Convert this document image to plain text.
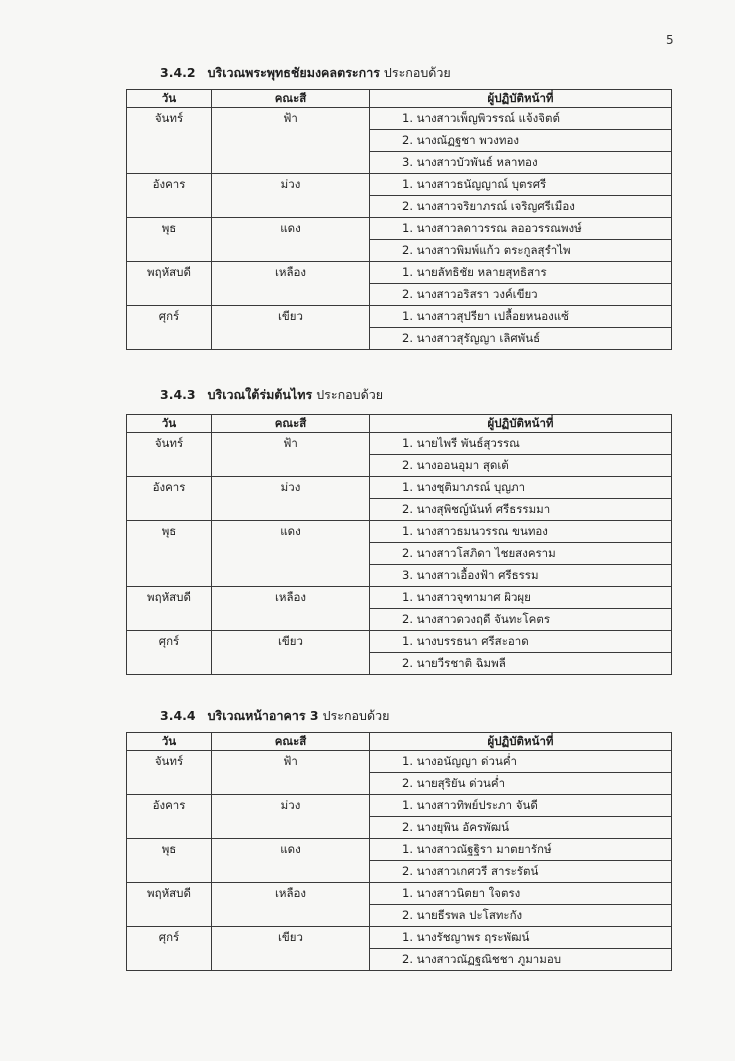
5
3.4.2 บริเวณพระพุทธชัยมงคลตระการ ประกอบด้วย
วัน	คณะสี	ผู้ปฏิบัติหน้าที่
จันทร์	ฟ้า	1. นางสาวเพ็ญพิวรรณ์ แจ้งจิตต์
		2. นางณัฏฐชา พวงทอง
		3. นางสาวบัวพันธ์ หลาทอง
อังคาร	ม่วง	1. นางสาวธนัญญาณ์ บุตรศรี
		2. นางสาวจริยาภรณ์ เจริญศรีเมือง
พุธ	แดง	1. นางสาวลดาวรรณ ลออวรรณพงษ์
		2. นางสาวพิมพ์แก้ว ตระกูลสุรำไพ
พฤหัสบดี	เหลือง	1. นายลัทธิชัย หลายสุทธิสาร
		2. นางสาวอริสรา วงค์เขียว
ศุกร์	เขียว	1. นางสาวสุปรียา เปลื้อยหนองแซ้
		2. นางสาวสุรัญญา เลิศพันธ์
3.4.3 บริเวณใต้ร่มต้นไทร ประกอบด้วย
วัน	คณะสี	ผู้ปฏิบัติหน้าที่
จันทร์	ฟ้า	1. นายไพรี พันธ์สุวรรณ
		2. นางออนอุมา สุดเต้
อังคาร	ม่วง	1. นางชุติมาภรณ์ บุญภา
		2. นางสุพิชญ์นันท์ ศรีธรรมมา
พุธ	แดง	1. นางสาวธมนวรรณ ขนทอง
		2. นางสาวโสภิดา ไชยสงคราม
		3. นางสาวเอื้องฟ้า ศรีธรรม
พฤหัสบดี	เหลือง	1. นางสาวจุฑามาศ ผิวผุย
		2. นางสาวดวงฤดี จันทะโคตร
ศุกร์	เขียว	1. นางบรรธนา ศรีสะอาด
		2. นายวีรชาติ ฉิมพลี
3.4.4 บริเวณหน้าอาคาร 3 ประกอบด้วย
วัน	คณะสี	ผู้ปฏิบัติหน้าที่
จันทร์	ฟ้า	1. นางอนัญญา ด่วนค่ำ
		2. นายสุริยัน ด่วนค่ำ
อังคาร	ม่วง	1. นางสาวทิพย์ประภา จันดี
		2. นางยุพิน อัครพัฒน์
พุธ	แดง	1. นางสาวณัฐฐิรา มาตยารักษ์
		2. นางสาวเกศวรี สาระรัตน์
พฤหัสบดี	เหลือง	1. นางสาวนิตยา ใจตรง
		2. นายธีรพล ปะโสทะกัง
ศุกร์	เขียว	1. นางรัชญาพร ฤระพัฒน์
		2. นางสาวณัฏฐณิชชา ภูมามอบ
